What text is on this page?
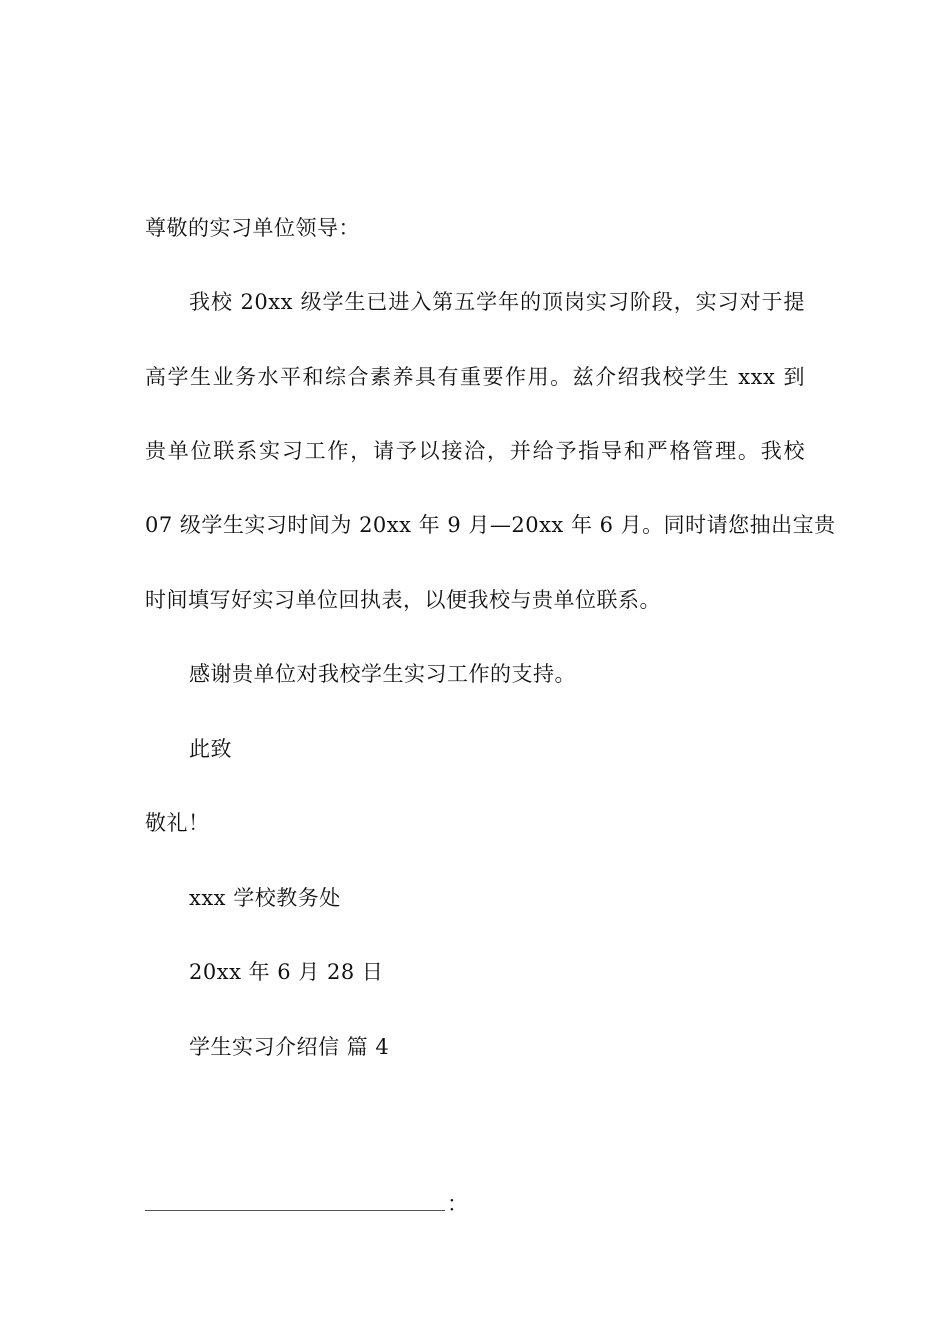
尊敬的实习单位领导：
我校 20xx 级学生已进入第五学年的顶岗实习阶段，实习对于提
高学生业务水平和综合素养具有重要作用。兹介绍我校学生 xxx 到
贵单位联系实习工作，请予以接洽，并给予指导和严格管理。我校
07 级学生实习时间为 20xx 年 9 月—20xx 年 6 月。同时请您抽出宝贵
时间填写好实习单位回执表，以便我校与贵单位联系。
感谢贵单位对我校学生实习工作的支持。
此致
敬礼！
xxx 学校教务处
20xx 年 6 月 28 日
学生实习介绍信 篇 4
：
